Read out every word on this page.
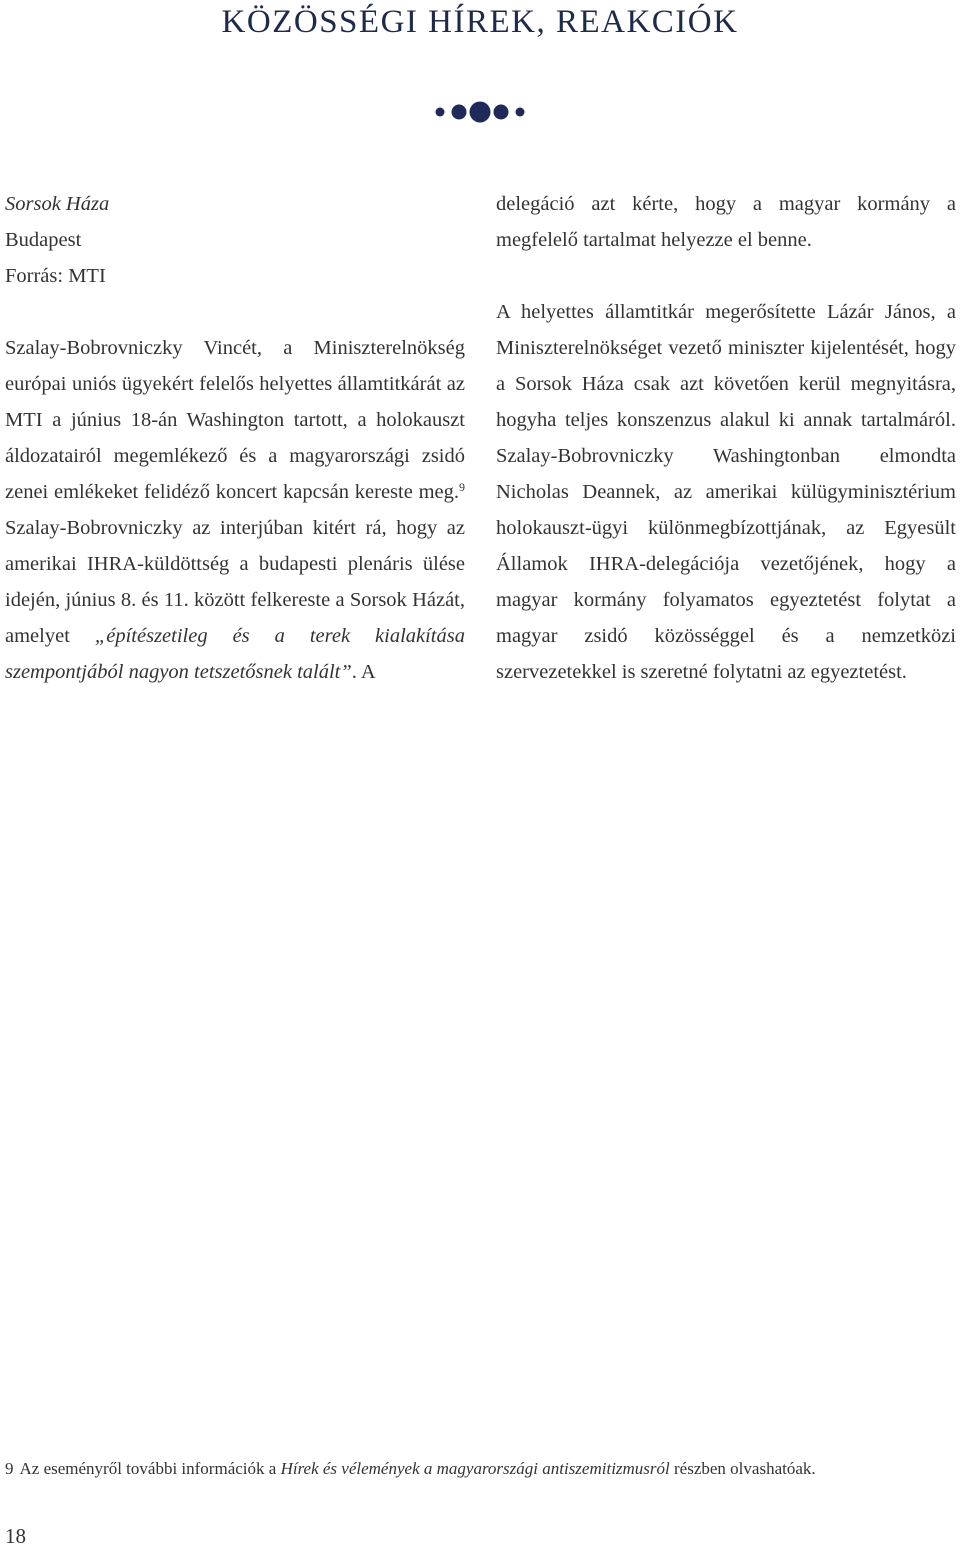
KÖZÖSSÉGI HÍREK, REAKCIÓK

Sorsok Háza
Budapest
Forrás: MTI

Szalay-Bobrovniczky Vincét, a Miniszterelnökség európai uniós ügyekért felelős helyettes államtitkárát az MTI a június 18-án Washington tartott, a holokauszt áldozatairól megemlékező és a magyarországi zsidó zenei emlékeket felidéző koncert kapcsán kereste meg.$^9$ Szalay-Bobrovniczky az interjúban kitért rá, hogy az amerikai IHRA-küldöttség a budapesti plenáris ülése idején, június 8. és 11. között felkereste a Sorsok Házát, amelyet „építészetileg és a terek kialakítása szempontjából nagyon tetszetősnek talált”. A

delegáció azt kérte, hogy a magyar kormány a megfelelő tartalmat helyezze el benne.

A helyettes államtitkár megerősítette Lázár János, a Miniszterelnökséget vezető miniszter kijelentését, hogy a Sorsok Háza csak azt követően kerül megnyitásra, hogyha teljes konszenzus alakul ki annak tartalmáról. Szalay-Bobrovniczky Washingtonban elmondta Nicholas Deannek, az amerikai külügyminisztérium holokauszt-ügyi különmegbízottjának, az Egyesült Államok IHRA-delegációja vezetőjének, hogy a magyar kormány folyamatos egyeztetést folytat a magyar zsidó közösséggel és a nemzetközi szervezetekkel is szeretné folytatni az egyeztetést.

9 Az eseményről további információk a Hírek és vélemények a magyarországi antiszemitizmusról részben olvashatóak.
18
